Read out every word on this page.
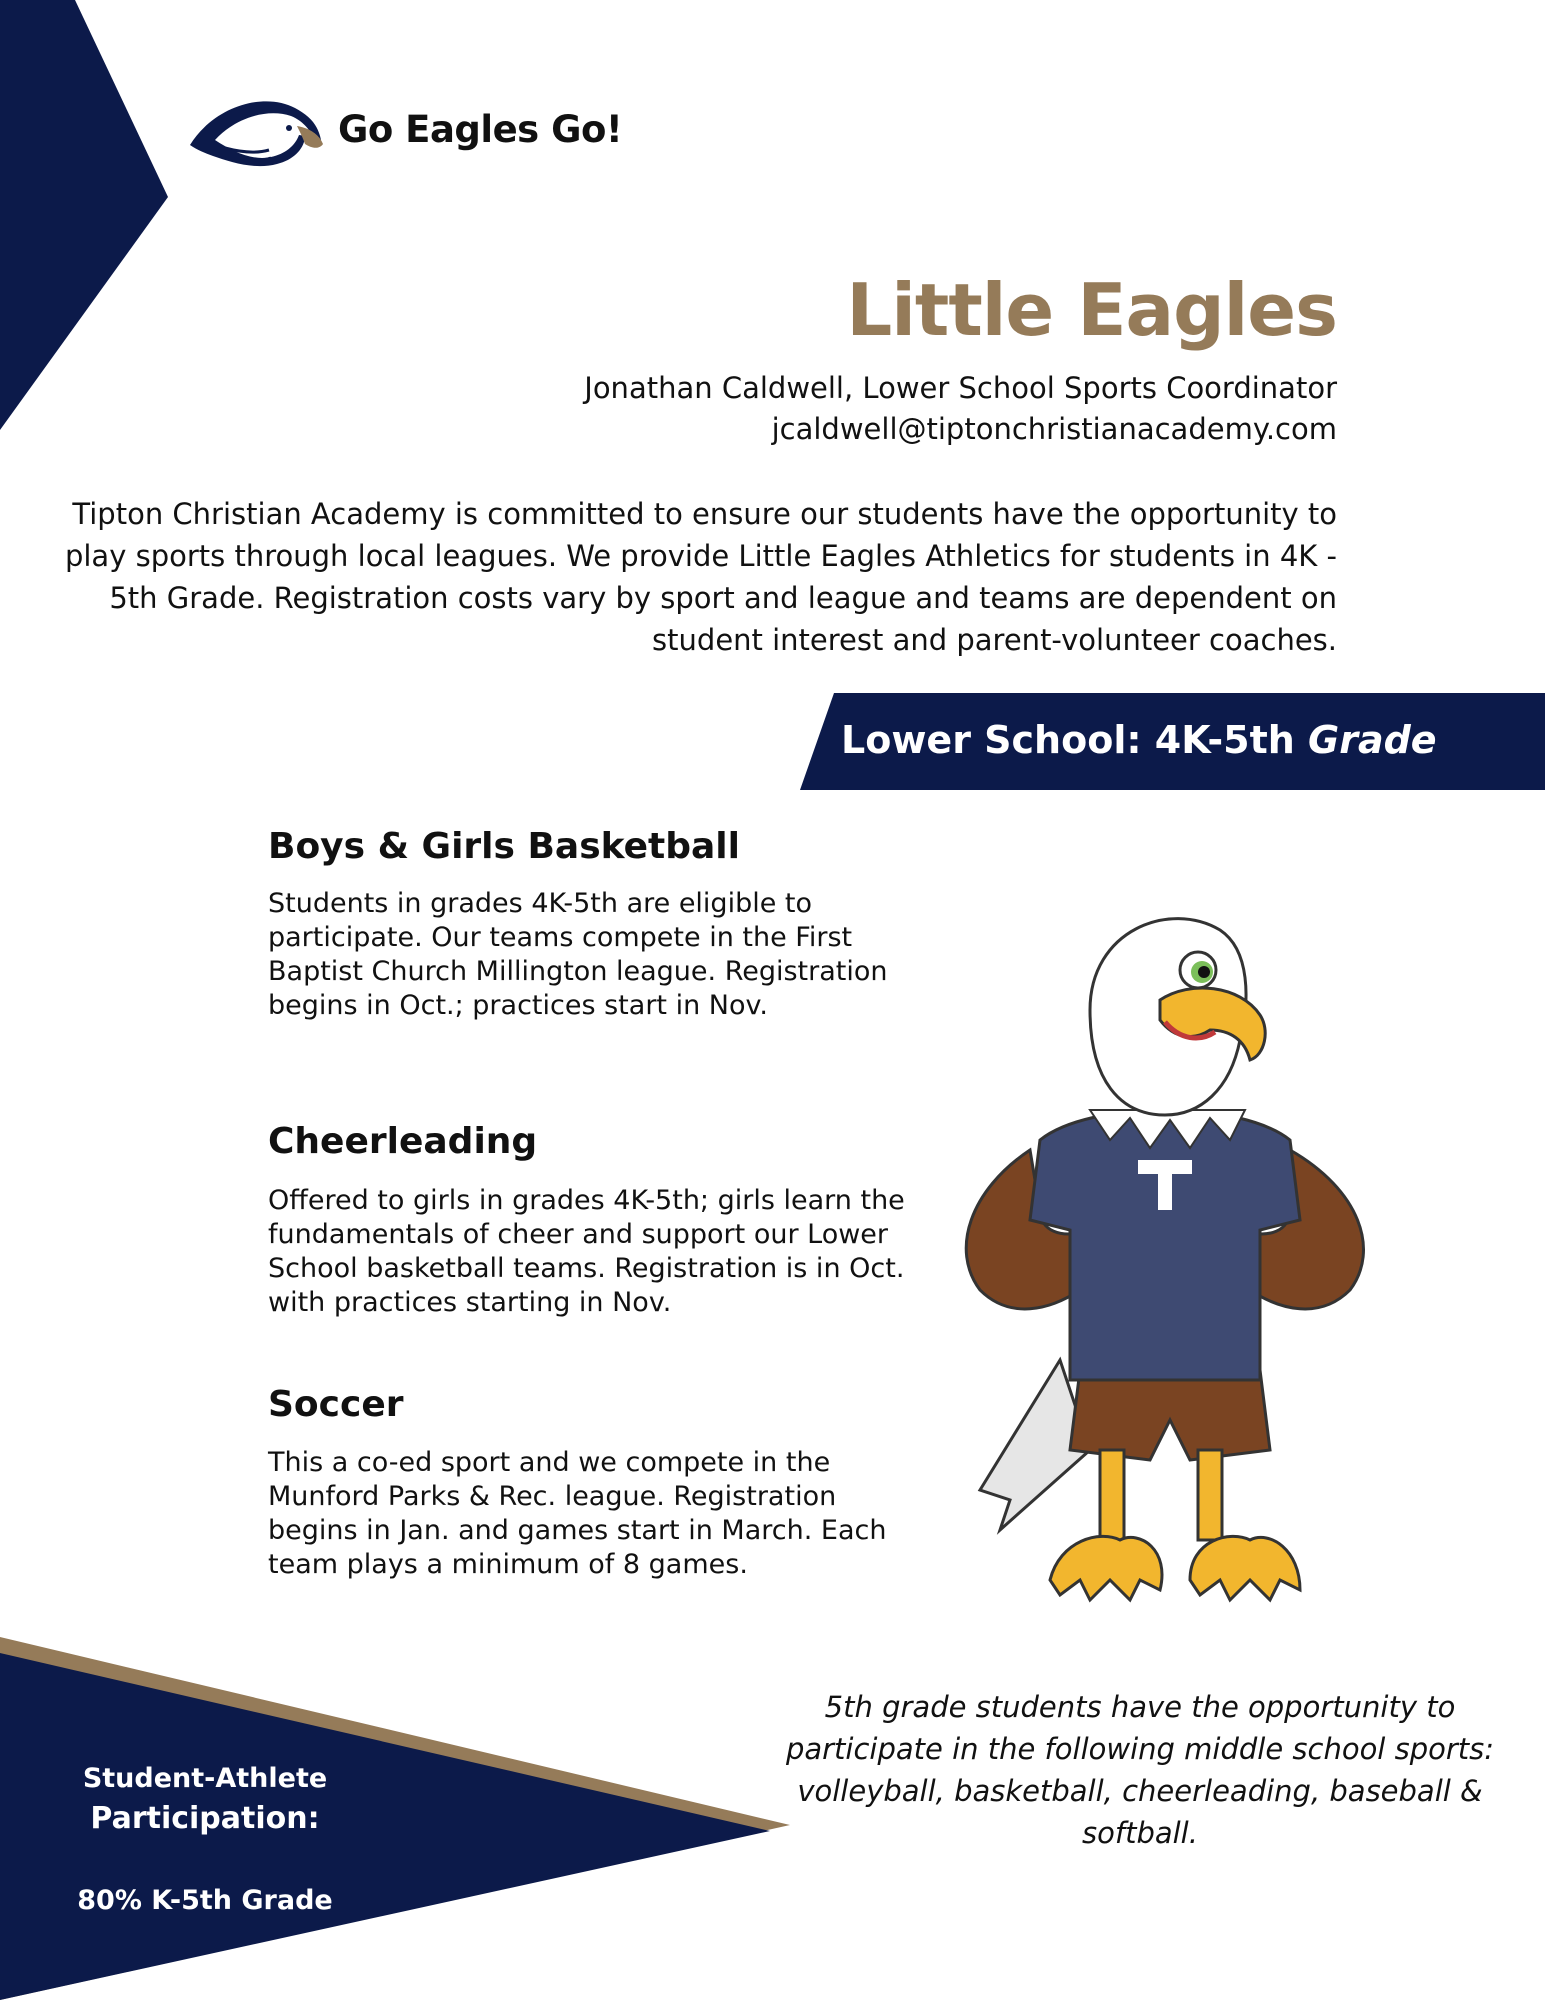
Go Eagles Go!
Little Eagles
Jonathan Caldwell, Lower School Sports Coordinator
jcaldwell@tiptonchristianacademy.com
Tipton Christian Academy is committed to ensure our students have the opportunity to play sports through local leagues. We provide Little Eagles Athletics for students in 4K - 5th Grade. Registration costs vary by sport and league and teams are dependent on student interest and parent-volunteer coaches.
Lower School: 4K-5th Grade
Boys & Girls Basketball
Students in grades 4K-5th are eligible to participate. Our teams compete in the First Baptist Church Millington league. Registration begins in Oct.; practices start in Nov.
Cheerleading
Offered to girls in grades 4K-5th; girls learn the fundamentals of cheer and support our Lower School basketball teams. Registration is in Oct. with practices starting in Nov.
Soccer
This a co-ed sport and we compete in the Munford Parks & Rec. league. Registration begins in Jan. and games start in March. Each team plays a minimum of 8 games.
5th grade students have the opportunity to participate in the following middle school sports: volleyball, basketball, cheerleading, baseball & softball.
Student-Athlete
Participation:
80% K-5th Grade
